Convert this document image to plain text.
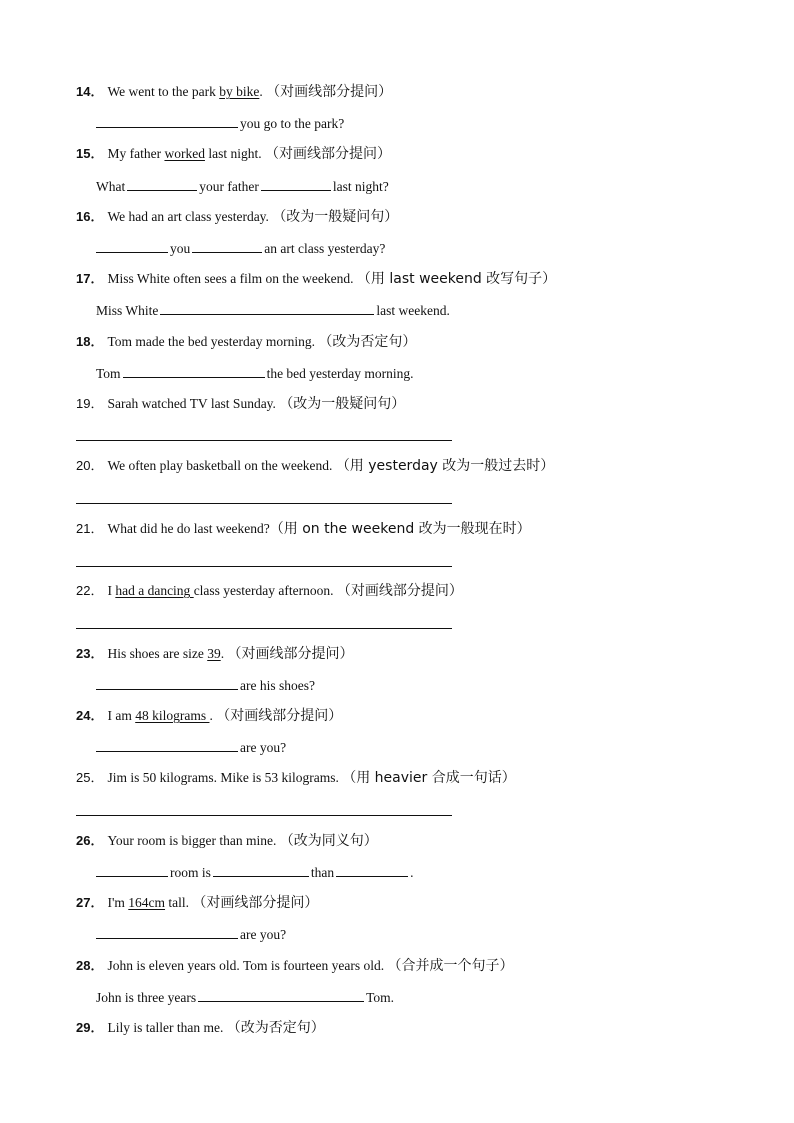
14． We went to the park by bike. （对画线部分提问）
you go to the park?
15． My father worked last night. （对画线部分提问）
What	your father	last night?
16． We had an art class yesterday. （改为一般疑问句）
you	an art class yesterday?
17． Miss White often sees a film on the weekend. （用 last weekend 改写句子）
Miss White	last weekend.
18． Tom made the bed yesterday morning. （改为否定句）
Tom	the bed yesterday morning.
19． Sarah watched TV last Sunday. （改为一般疑问句）
20． We often play basketball on the weekend. （用 yesterday 改为一般过去时）
21． What did he do last weekend?（用 on the weekend 改为一般现在时）
22． I had a dancing class yesterday afternoon. （对画线部分提问）
23． His shoes are size 39. （对画线部分提问）
are his shoes?
24． I am 48 kilograms . （对画线部分提问）
are you?
25． Jim is 50 kilograms. Mike is 53 kilograms. （用 heavier 合成一句话）
26． Your room is bigger than mine. （改为同义句）
room is	than	.
27． I'm 164cm tall. （对画线部分提问）
are you?
28． John is eleven years old. Tom is fourteen years old. （合并成一个句子）
John is three years	Tom.
29． Lily is taller than me. （改为否定句）
